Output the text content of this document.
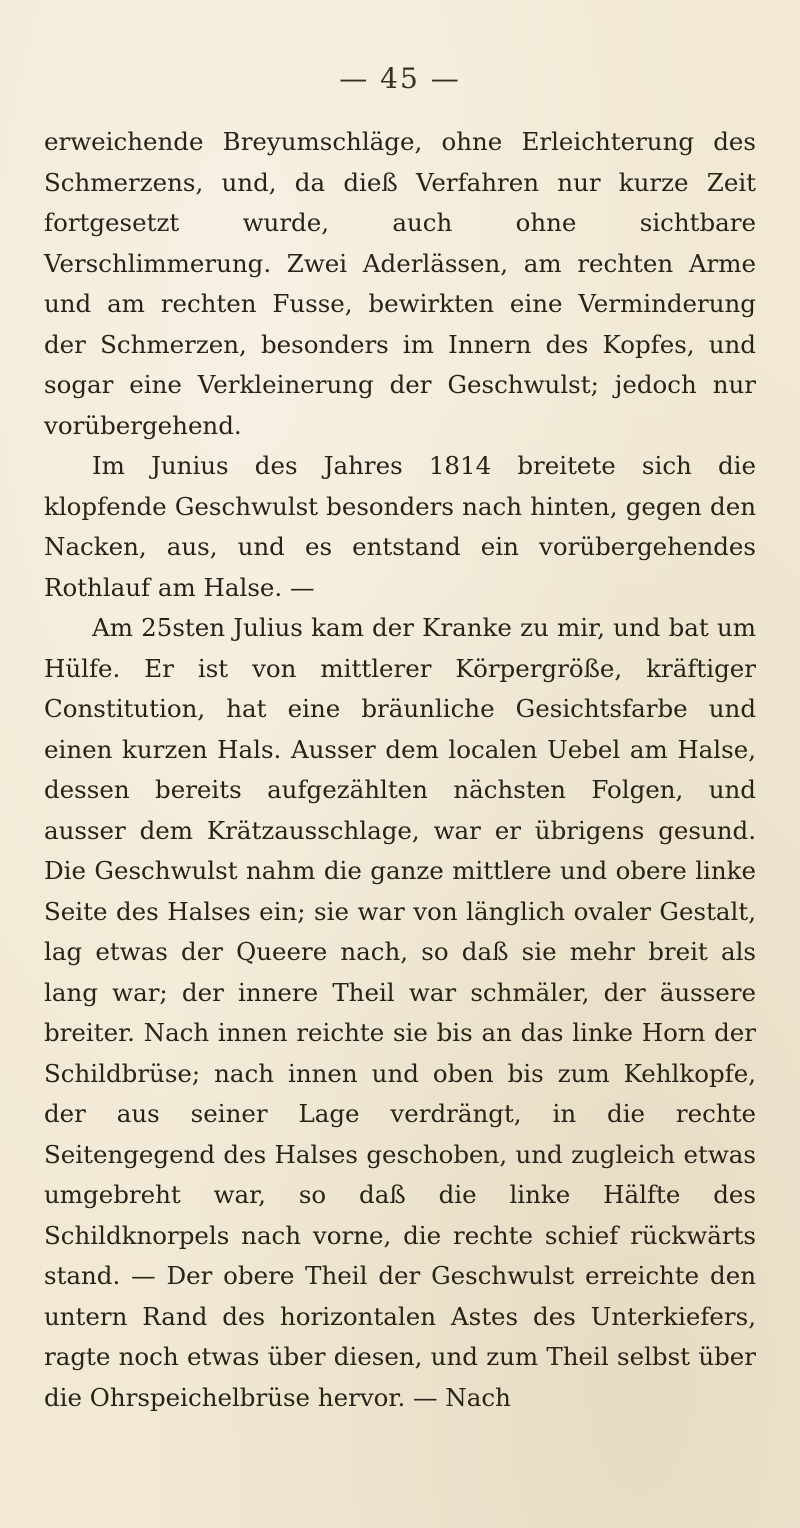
— 45 —

erweichende Breyumschläge, ohne Erleichterung des Schmerzens, und, da dieß Verfahren nur kurze Zeit fortgesetzt wurde, auch ohne sichtbare Verschlimmerung. Zwei Aderlässen, am rechten Arme und am rechten Fusse, bewirkten eine Verminderung der Schmerzen, besonders im Innern des Kopfes, und sogar eine Verkleinerung der Geschwulst; jedoch nur vorübergehend.

Im Junius des Jahres 1814 breitete sich die klopfende Geschwulst besonders nach hinten, gegen den Nacken, aus, und es entstand ein vorübergehendes Rothlauf am Halse. —

Am 25sten Julius kam der Kranke zu mir, und bat um Hülfe. Er ist von mittlerer Körpergröße, kräftiger Constitution, hat eine bräunliche Gesichtsfarbe und einen kurzen Hals. Ausser dem localen Uebel am Halse, dessen bereits aufgezählten nächsten Folgen, und ausser dem Krätzausschlage, war er übrigens gesund. Die Geschwulst nahm die ganze mittlere und obere linke Seite des Halses ein; sie war von länglich ovaler Gestalt, lag etwas der Queere nach, so daß sie mehr breit als lang war; der innere Theil war schmäler, der äussere breiter. Nach innen reichte sie bis an das linke Horn der Schildbrüse; nach innen und oben bis zum Kehlkopfe, der aus seiner Lage verdrängt, in die rechte Seitengegend des Halses geschoben, und zugleich etwas umgebreht war, so daß die linke Hälfte des Schildknorpels nach vorne, die rechte schief rückwärts stand. — Der obere Theil der Geschwulst erreichte den untern Rand des horizontalen Astes des Unterkiefers, ragte noch etwas über diesen, und zum Theil selbst über die Ohrspeichelbrüse hervor. — Nach
